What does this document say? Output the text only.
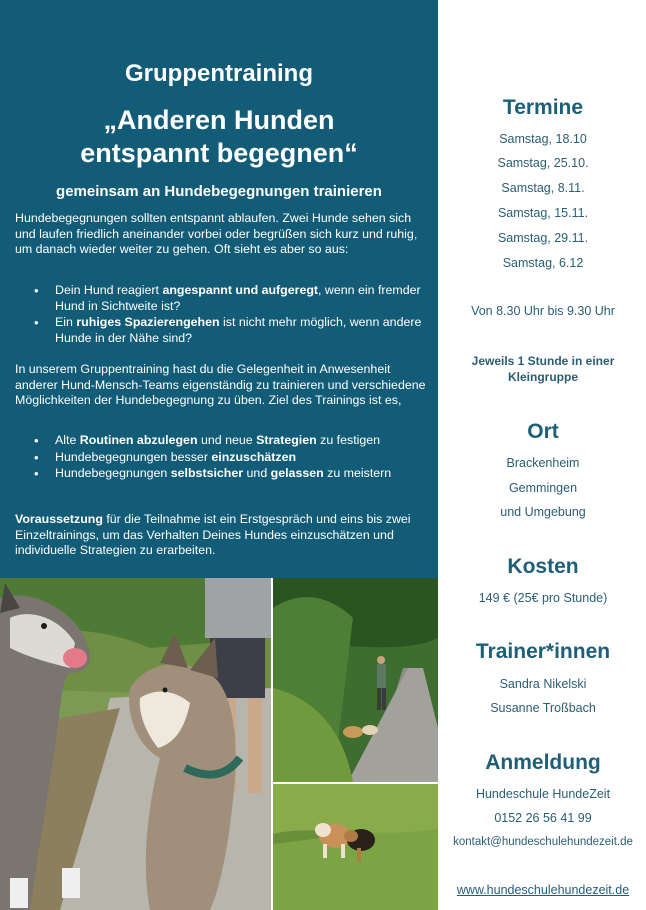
Gruppentraining
„Anderen Hunden
entspannt begegnen“
gemeinsam an Hundebegegnungen trainieren
Hundebegegnungen sollten entspannt ablaufen. Zwei Hunde sehen sich und laufen friedlich aneinander vorbei oder begrüßen sich kurz und ruhig, um danach wieder weiter zu gehen. Oft sieht es aber so aus:
• Dein Hund reagiert angespannt und aufgeregt, wenn ein fremder Hund in Sichtweite ist?
• Ein ruhiges Spazierengehen ist nicht mehr möglich, wenn andere Hunde in der Nähe sind?
In unserem Gruppentraining hast du die Gelegenheit in Anwesenheit anderer Hund-Mensch-Teams eigenständig zu trainieren und verschiedene Möglichkeiten der Hundebegegnung zu üben. Ziel des Trainings ist es,
• Alte Routinen abzulegen und neue Strategien zu festigen
• Hundebegegnungen besser einzuschätzen
• Hundebegegnungen selbstsicher und gelassen zu meistern
Voraussetzung für die Teilnahme ist ein Erstgespräch und eins bis zwei Einzeltrainings, um das Verhalten Deines Hundes einzuschätzen und individuelle Strategien zu erarbeiten.
Termine
Samstag, 18.10
Samstag, 25.10.
Samstag, 8.11.
Samstag, 15.11.
Samstag, 29.11.
Samstag, 6.12
Von 8.30 Uhr bis 9.30 Uhr
Jeweils 1 Stunde in einer
Kleingruppe
Ort
Brackenheim
Gemmingen
und Umgebung
Kosten
149 € (25€ pro Stunde)
Trainer*innen
Sandra Nikelski
Susanne Troßbach
Anmeldung
Hundeschule HundeZeit
0152 26 56 41 99
kontakt@hundeschulehundezeit.de
www.hundeschulehundezeit.de
